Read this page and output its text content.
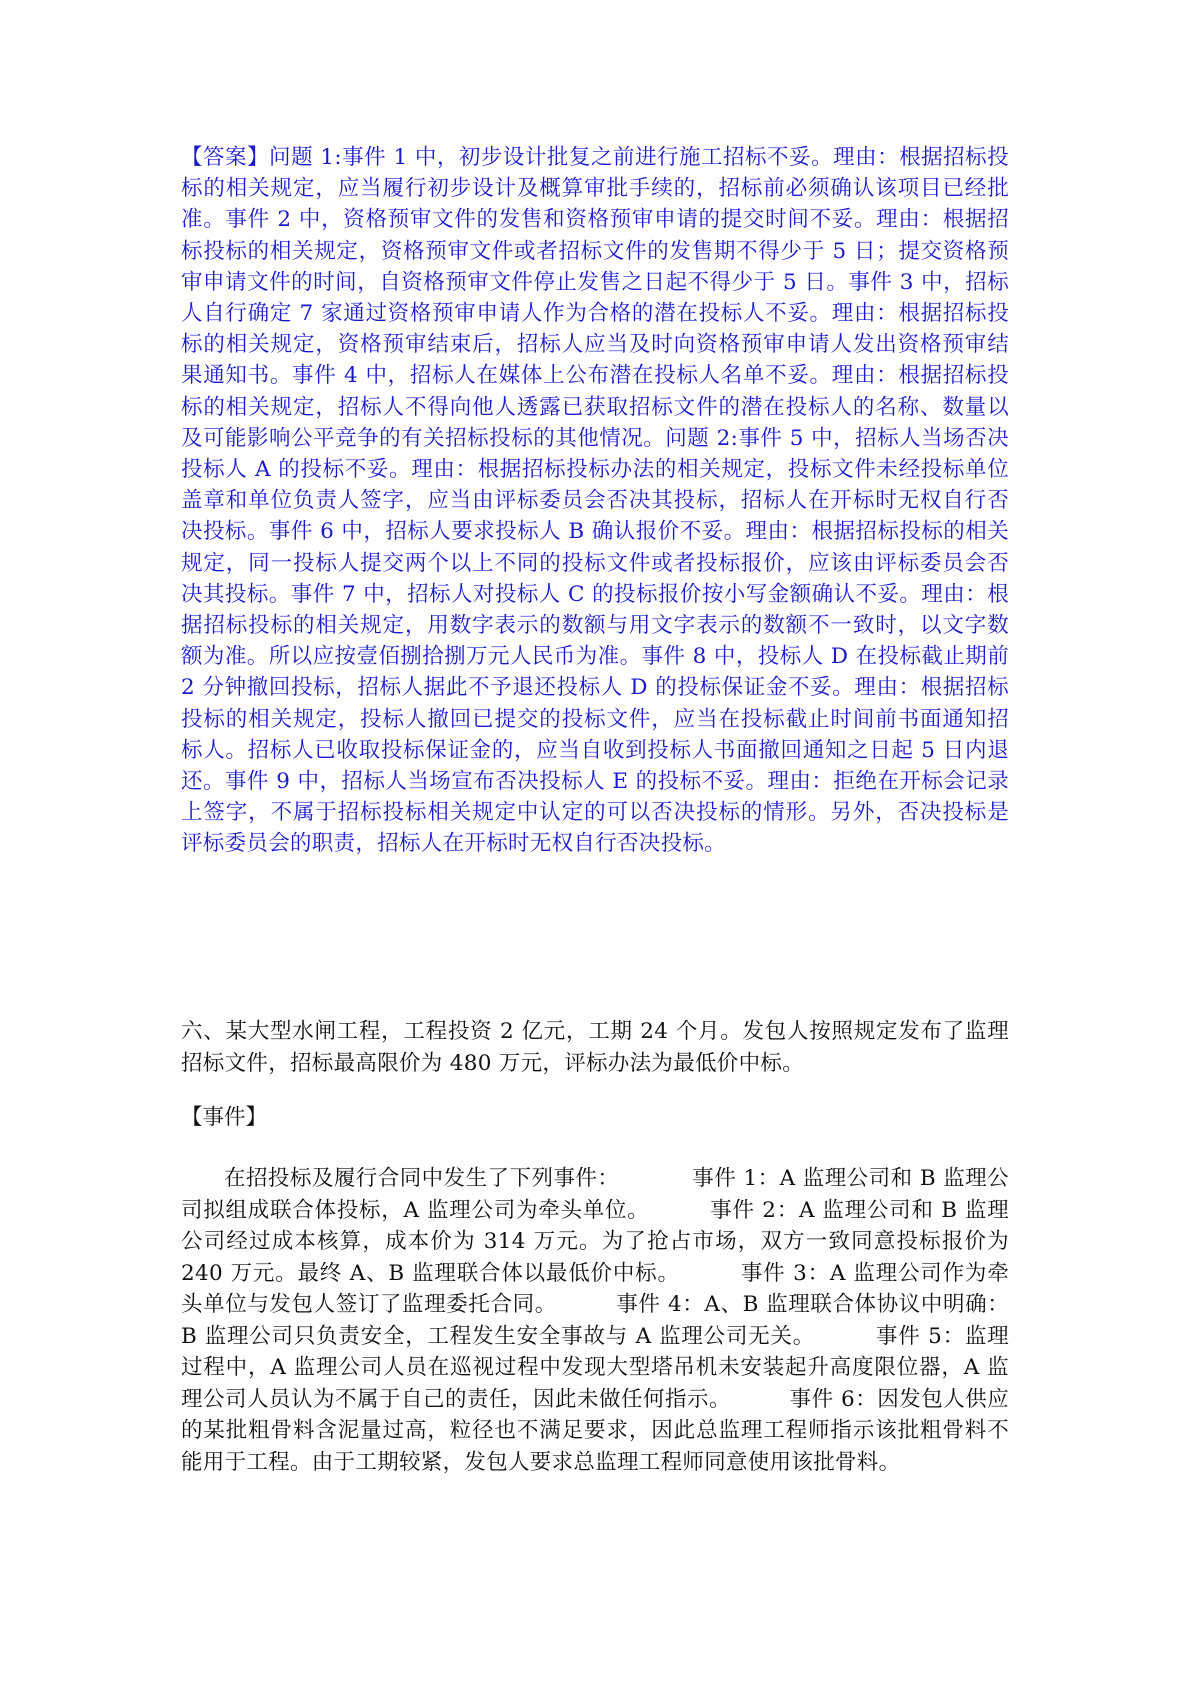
【答案】问题 1:事件 1 中，初步设计批复之前进行施工招标不妥。理由：根据招标投标的相关规定，应当履行初步设计及概算审批手续的，招标前必须确认该项目已经批准。事件 2 中，资格预审文件的发售和资格预审申请的提交时间不妥。理由：根据招标投标的相关规定，资格预审文件或者招标文件的发售期不得少于 5 日；提交资格预审申请文件的时间，自资格预审文件停止发售之日起不得少于 5 日。事件 3 中，招标人自行确定 7 家通过资格预审申请人作为合格的潜在投标人不妥。理由：根据招标投标的相关规定，资格预审结束后，招标人应当及时向资格预审申请人发出资格预审结果通知书。事件 4 中，招标人在媒体上公布潜在投标人名单不妥。理由：根据招标投标的相关规定，招标人不得向他人透露已获取招标文件的潜在投标人的名称、数量以及可能影响公平竞争的有关招标投标的其他情况。问题 2:事件 5 中，招标人当场否决投标人 A 的投标不妥。理由：根据招标投标办法的相关规定，投标文件未经投标单位盖章和单位负责人签字，应当由评标委员会否决其投标，招标人在开标时无权自行否决投标。事件 6 中，招标人要求投标人 B 确认报价不妥。理由：根据招标投标的相关规定，同一投标人提交两个以上不同的投标文件或者投标报价，应该由评标委员会否决其投标。事件 7 中，招标人对投标人 C 的投标报价按小写金额确认不妥。理由：根据招标投标的相关规定，用数字表示的数额与用文字表示的数额不一致时，以文字数额为准。所以应按壹佰捌拾捌万元人民币为准。事件 8 中，投标人 D 在投标截止期前 2 分钟撤回投标，招标人据此不予退还投标人 D 的投标保证金不妥。理由：根据招标投标的相关规定，投标人撤回已提交的投标文件，应当在投标截止时间前书面通知招标人。招标人已收取投标保证金的，应当自收到投标人书面撤回通知之日起 5 日内退还。事件 9 中，招标人当场宣布否决投标人 E 的投标不妥。理由：拒绝在开标会记录上签字，不属于招标投标相关规定中认定的可以否决投标的情形。另外，否决投标是评标委员会的职责，招标人在开标时无权自行否决投标。

六、某大型水闸工程，工程投资 2 亿元，工期 24 个月。发包人按照规定发布了监理招标文件，招标最高限价为 480 万元，评标办法为最低价中标。

【事件】

在招投标及履行合同中发生了下列事件：          事件 1：A 监理公司和 B 监理公司拟组成联合体投标，A 监理公司为牵头单位。        事件 2：A 监理公司和 B 监理公司经过成本核算，成本价为 314 万元。为了抢占市场，双方一致同意投标报价为 240 万元。最终 A、B 监理联合体以最低价中标。        事件 3：A 监理公司作为牵头单位与发包人签订了监理委托合同。        事件 4：A、B 监理联合体协议中明确：B 监理公司只负责安全，工程发生安全事故与 A 监理公司无关。        事件 5：监理过程中，A 监理公司人员在巡视过程中发现大型塔吊机未安装起升高度限位器，A 监理公司人员认为不属于自己的责任，因此未做任何指示。        事件 6：因发包人供应的某批粗骨料含泥量过高，粒径也不满足要求，因此总监理工程师指示该批粗骨料不能用于工程。由于工期较紧，发包人要求总监理工程师同意使用该批骨料。
